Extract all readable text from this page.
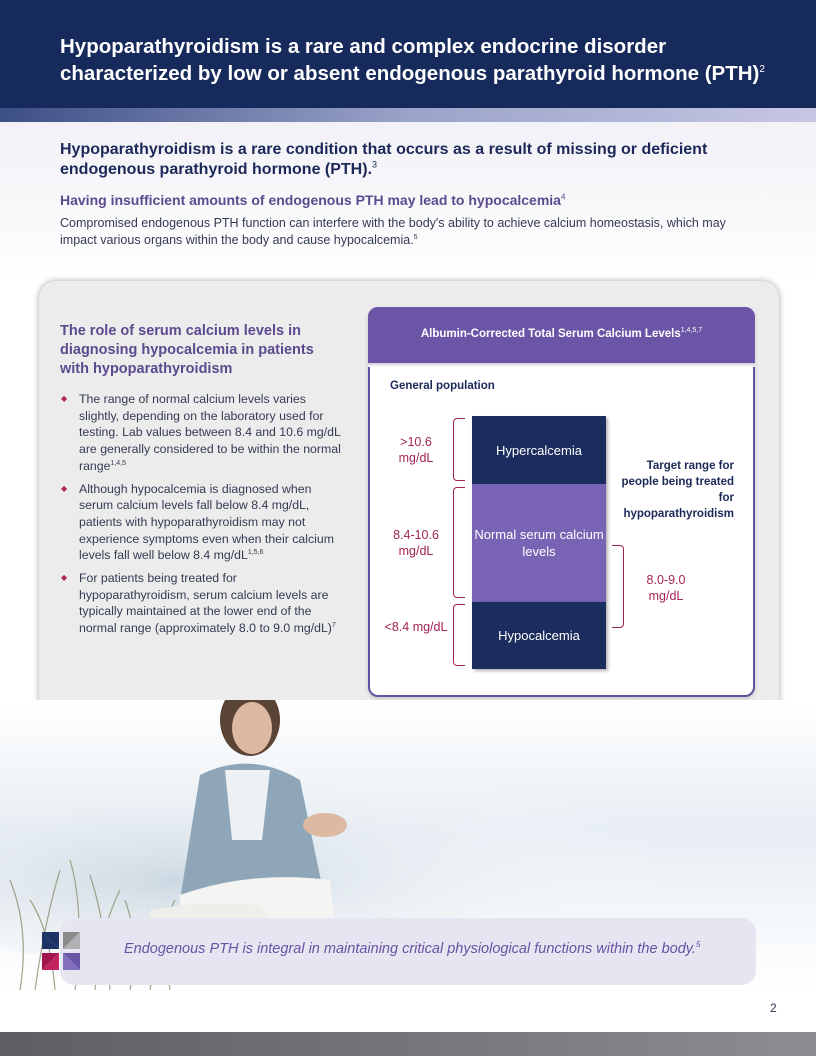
Hypoparathyroidism is a rare and complex endocrine disorder characterized by low or absent endogenous parathyroid hormone (PTH)$^2$

Hypoparathyroidism is a rare condition that occurs as a result of missing or deficient endogenous parathyroid hormone (PTH).$^3$

Having insufficient amounts of endogenous PTH may lead to hypocalcemia$^4$

Compromised endogenous PTH function can interfere with the body's ability to achieve calcium homeostasis, which may impact various organs within the body and cause hypocalcemia.$^5$

The role of serum calcium levels in diagnosing hypocalcemia in patients with hypoparathyroidism
◆ The range of normal calcium levels varies slightly, depending on the laboratory used for testing. Lab values between 8.4 and 10.6 mg/dL are generally considered to be within the normal range$^{1,4,5}$
◆ Although hypocalcemia is diagnosed when serum calcium levels fall below 8.4 mg/dL, patients with hypoparathyroidism may not experience symptoms even when their calcium levels fall well below 8.4 mg/dL$^{1,5,6}$
◆ For patients being treated for hypoparathyroidism, serum calcium levels are typically maintained at the lower end of the normal range (approximately 8.0 to 9.0 mg/dL)$^7$
Albumin-Corrected Total Serum Calcium Levels$^{1,4,5,7}$
General population
Hypercalcemia
Normal serum calcium levels
Hypocalcemia
>10.6 mg/dL
8.4-10.6 mg/dL
<8.4 mg/dL
Target range for people being treated for hypoparathyroidism
8.0-9.0 mg/dL
Endogenous PTH is integral in maintaining critical physiological functions within the body.$^5$
2
